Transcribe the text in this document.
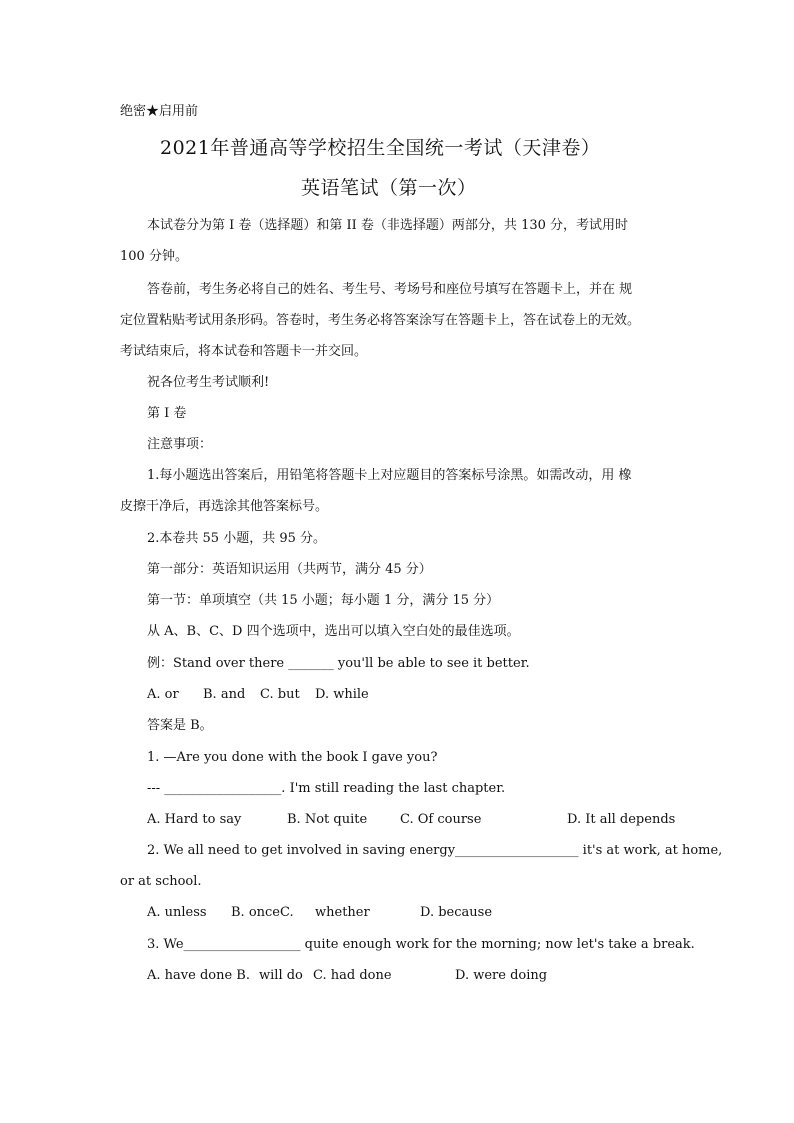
绝密★启用前
2021年普通高等学校招生全国统一考试（天津卷）
英语笔试（第一次）
本试卷分为第 I 卷（选择题）和第 II 卷（非选择题）两部分，共 130 分，考试用时
100 分钟。
答卷前，考生务必将自己的姓名、考生号、考场号和座位号填写在答题卡上，并在 规
定位置粘贴考试用条形码。答卷时，考生务必将答案涂写在答题卡上，答在试卷上的无效。
考试结束后，将本试卷和答题卡一并交回。
祝各位考生考试顺利!
第 I 卷
注意事项：
1.每小题选出答案后，用铅笔将答题卡上对应题目的答案标号涂黑。如需改动，用 橡
皮擦干净后，再选涂其他答案标号。
2.本卷共 55 小题，共 95 分。
第一部分：英语知识运用（共两节，满分 45 分）
第一节：单项填空（共 15 小题；每小题 1 分，满分 15 分）
从 A、B、C、D 四个选项中，选出可以填入空白处的最佳选项。
例：Stand over there _______ you'll be able to see it better.
A. or B. and C. but D. while
答案是 B。
1. —Are you done with the book I gave you?
--- __________________. I'm still reading the last chapter.
A. Hard to say	B. Not quite	C. Of course	D. It all depends
2. We all need to get involved in saving energy___________________ it's at work, at home,
or at school.
A. unless B. onceC. whether	D. because
3. We__________________ quite enough work for the morning; now let's take a break.
A. have done B. will do C. had done	D. were doing
